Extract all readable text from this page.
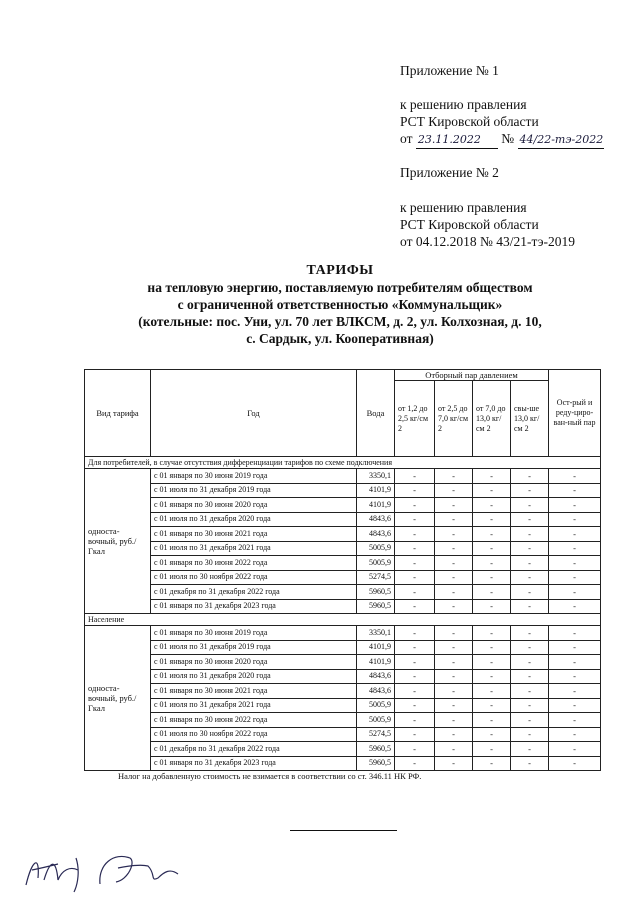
Приложение № 1
к решению правления
РСТ Кировской области
от 23.11.2022 № 44/22-тэ-2022
Приложение № 2
к решению правления
РСТ Кировской области
от 04.12.2018 № 43/21-тэ-2019
ТАРИФЫ
на тепловую энергию, поставляемую потребителям обществом
с ограниченной ответственностью «Коммунальщик»
(котельные: пос. Уни, ул. 70 лет ВЛКСМ, д. 2, ул. Колхозная, д. 10,
с. Сардык, ул. Кооперативная)
Вид тарифа	Год	Вода	Отборный пар давлением				Ост-рый и реду-циро-ван-ный пар
			от 1,2 до 2,5 кг/см 2	от 2,5 до 7,0 кг/см 2	от 7,0 до 13,0 кг/см 2	свы-ше 13,0 кг/см 2	
Для потребителей, в случае отсутствия дифференциации тарифов по схеме подключения							
односта-вочный, руб./Гкал	с 01 января по 30 июня 2019 года	3350,1	-	-	-	-	-
	с 01 июля по 31 декабря 2019 года	4101,9	-	-	-	-	-
	с 01 января по 30 июня 2020 года	4101,9	-	-	-	-	-
	с 01 июля по 31 декабря 2020 года	4843,6	-	-	-	-	-
	с 01 января по 30 июня 2021 года	4843,6	-	-	-	-	-
	с 01 июля по 31 декабря 2021 года	5005,9	-	-	-	-	-
	с 01 января по 30 июня 2022 года	5005,9	-	-	-	-	-
	с 01 июля по 30 ноября 2022 года	5274,5	-	-	-	-	-
	с 01 декабря по 31 декабря 2022 года	5960,5	-	-	-	-	-
	с 01 января по 31 декабря 2023 года	5960,5	-	-	-	-	-
Население							
односта-вочный, руб./Гкал	с 01 января по 30 июня 2019 года	3350,1	-	-	-	-	-
	с 01 июля по 31 декабря 2019 года	4101,9	-	-	-	-	-
	с 01 января по 30 июня 2020 года	4101,9	-	-	-	-	-
	с 01 июля по 31 декабря 2020 года	4843,6	-	-	-	-	-
	с 01 января по 30 июня 2021 года	4843,6	-	-	-	-	-
	с 01 июля по 31 декабря 2021 года	5005,9	-	-	-	-	-
	с 01 января по 30 июня 2022 года	5005,9	-	-	-	-	-
	с 01 июля по 30 ноября 2022 года	5274,5	-	-	-	-	-
	с 01 декабря по 31 декабря 2022 года	5960,5	-	-	-	-	-
	с 01 января по 31 декабря 2023 года	5960,5	-	-	-	-	-
Налог на добавленную стоимость не взимается в соответствии со ст. 346.11 НК РФ.
